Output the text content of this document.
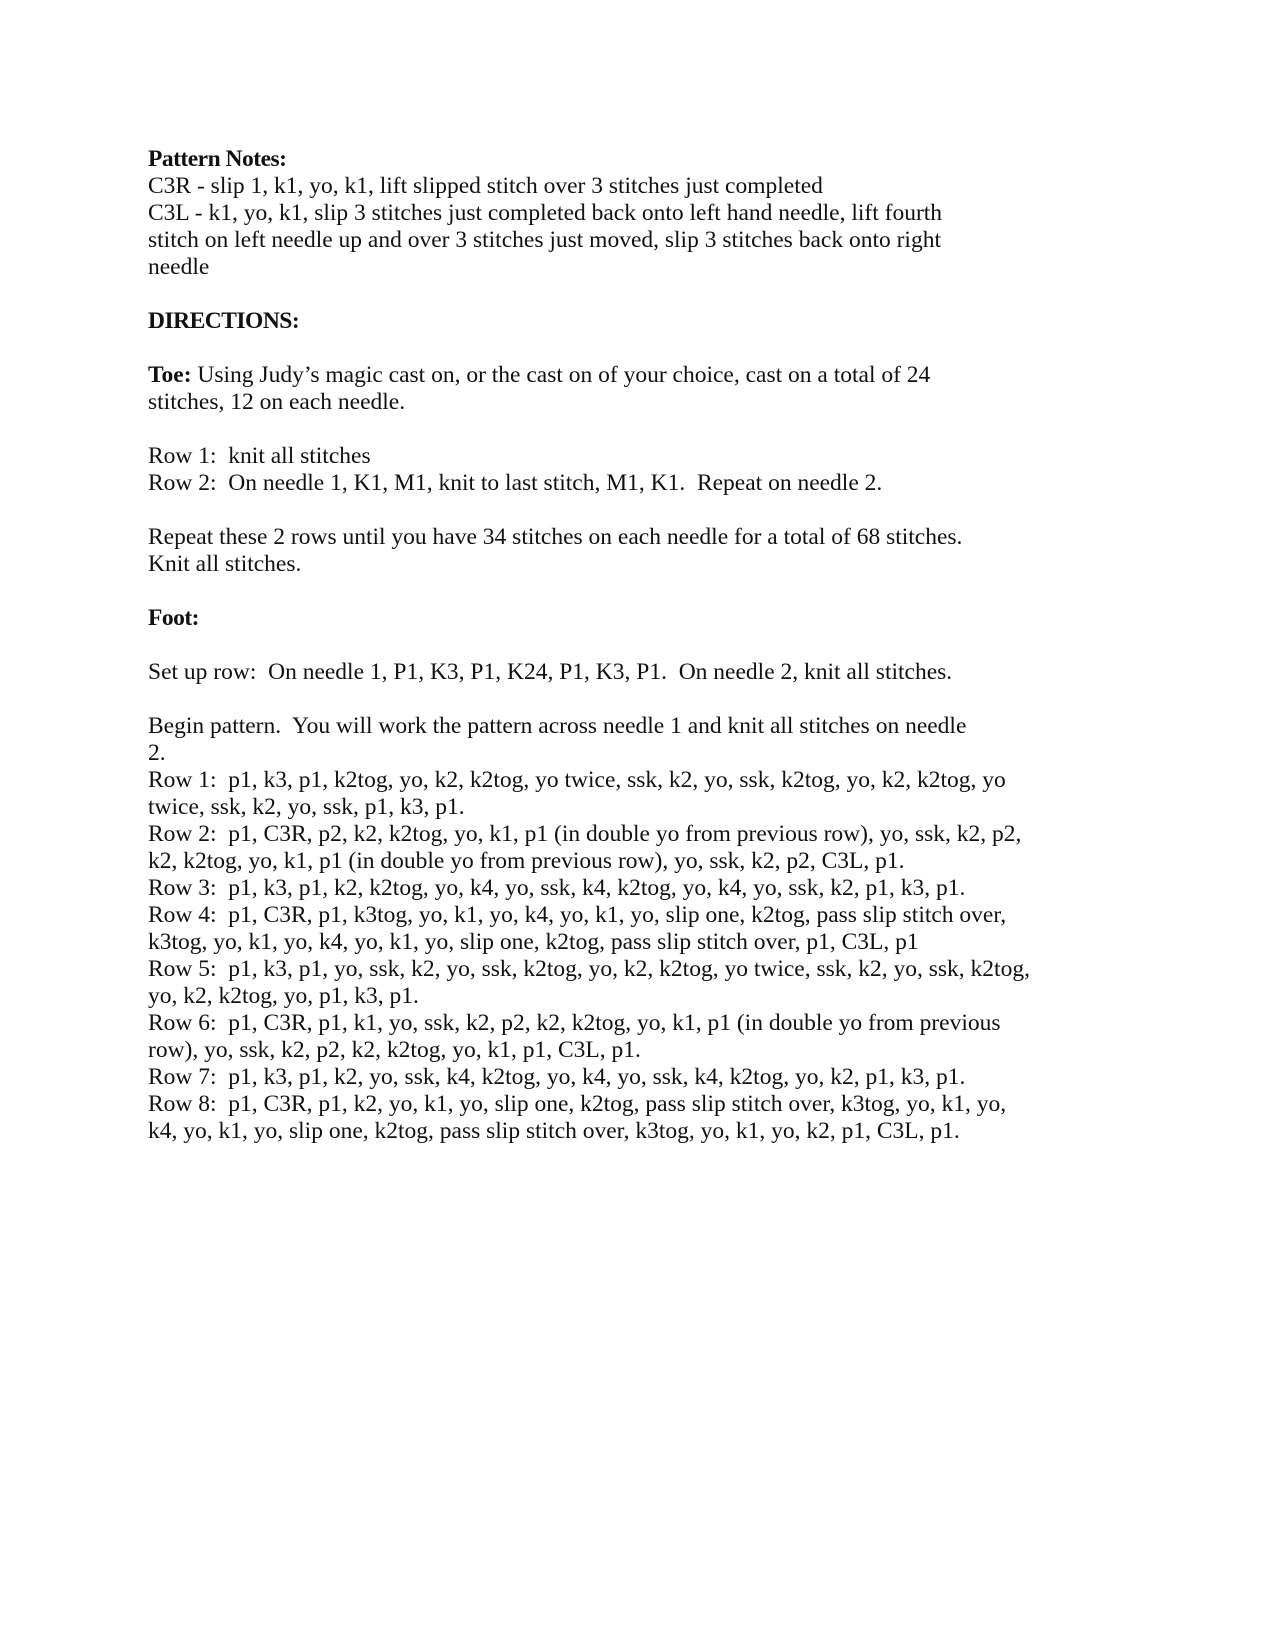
Pattern Notes:
C3R - slip 1, k1, yo, k1, lift slipped stitch over 3 stitches just completed
C3L - k1, yo, k1, slip 3 stitches just completed back onto left hand needle, lift fourth
stitch on left needle up and over 3 stitches just moved, slip 3 stitches back onto right
needle
DIRECTIONS:
Toe: Using Judy’s magic cast on, or the cast on of your choice, cast on a total of 24
stitches, 12 on each needle.
Row 1:  knit all stitches
Row 2:  On needle 1, K1, M1, knit to last stitch, M1, K1.  Repeat on needle 2.
Repeat these 2 rows until you have 34 stitches on each needle for a total of 68 stitches.
Knit all stitches.
Foot:
Set up row:  On needle 1, P1, K3, P1, K24, P1, K3, P1.  On needle 2, knit all stitches.
Begin pattern.  You will work the pattern across needle 1 and knit all stitches on needle
2.
Row 1:  p1, k3, p1, k2tog, yo, k2, k2tog, yo twice, ssk, k2, yo, ssk, k2tog, yo, k2, k2tog, yo
twice, ssk, k2, yo, ssk, p1, k3, p1.
Row 2:  p1, C3R, p2, k2, k2tog, yo, k1, p1 (in double yo from previous row), yo, ssk, k2, p2,
k2, k2tog, yo, k1, p1 (in double yo from previous row), yo, ssk, k2, p2, C3L, p1.
Row 3:  p1, k3, p1, k2, k2tog, yo, k4, yo, ssk, k4, k2tog, yo, k4, yo, ssk, k2, p1, k3, p1.
Row 4:  p1, C3R, p1, k3tog, yo, k1, yo, k4, yo, k1, yo, slip one, k2tog, pass slip stitch over,
k3tog, yo, k1, yo, k4, yo, k1, yo, slip one, k2tog, pass slip stitch over, p1, C3L, p1
Row 5:  p1, k3, p1, yo, ssk, k2, yo, ssk, k2tog, yo, k2, k2tog, yo twice, ssk, k2, yo, ssk, k2tog,
yo, k2, k2tog, yo, p1, k3, p1.
Row 6:  p1, C3R, p1, k1, yo, ssk, k2, p2, k2, k2tog, yo, k1, p1 (in double yo from previous
row), yo, ssk, k2, p2, k2, k2tog, yo, k1, p1, C3L, p1.
Row 7:  p1, k3, p1, k2, yo, ssk, k4, k2tog, yo, k4, yo, ssk, k4, k2tog, yo, k2, p1, k3, p1.
Row 8:  p1, C3R, p1, k2, yo, k1, yo, slip one, k2tog, pass slip stitch over, k3tog, yo, k1, yo,
k4, yo, k1, yo, slip one, k2tog, pass slip stitch over, k3tog, yo, k1, yo, k2, p1, C3L, p1.
